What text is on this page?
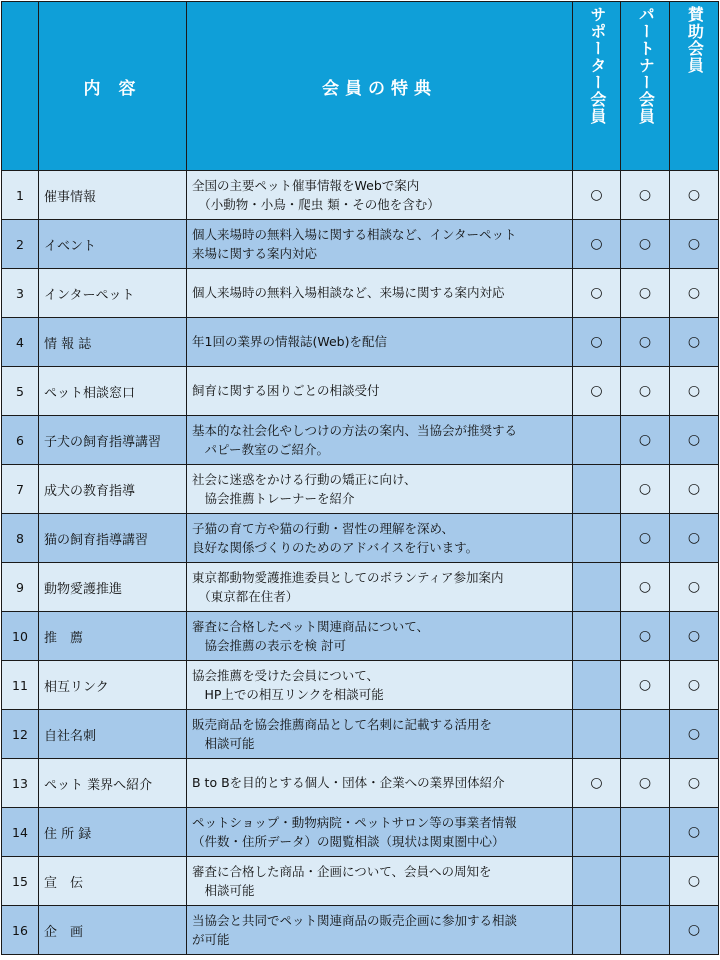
	内 容	会員の特典	サポーター会員	パートナー会員	賛助会員
1	催事情報	全国の主要ペット催事情報をWebで案内
　（小動物・小鳥・爬虫 類・その他を含む）	○	○	○
2	イベント	個人来場時の無料入場に関する相談など、インターペット
来場に関する案内対応	○	○	○
3	インターペット	個人来場時の無料入場相談など、来場に関する案内対応	○	○	○
4	情 報 誌	年1回の業界の情報誌(Web)を配信	○	○	○
5	ペット相談窓口	飼育に関する困りごとの相談受付	○	○	○
6	子犬の飼育指導講習	基本的な社会化やしつけの方法の案内、当協会が推奨する
　パピー教室のご紹介。		○	○
7	成犬の教育指導	社会に迷惑をかける行動の矯正に向け、
　協会推薦トレーナーを紹介		○	○
8	猫の飼育指導講習	子猫の育て方や猫の行動・習性の理解を深め、
良好な関係づくりのためのアドバイスを行います。		○	○
9	動物愛護推進	東京都動物愛護推進委員としてのボランティア参加案内
　（東京都在住者）		○	○
10	推　薦	審査に合格したペット関連商品について、
　協会推薦の表示を検 討可		○	○
11	相互リンク	協会推薦を受けた会員について、
　HP上での相互リンクを相談可能		○	○
12	自社名刺	販売商品を協会推薦商品として名刺に記載する活用を
　相談可能			○
13	ペット 業界へ紹介	B to Bを目的とする個人・団体・企業への業界団体紹介	○	○	○
14	住 所 録	ペットショップ・動物病院・ペットサロン等の事業者情報
（件数・住所データ）の閲覧相談（現状は関東圏中心）			○
15	宣　伝	審査に合格した商品・企画について、会員への周知を
　相談可能			○
16	企　画	当協会と共同でペット関連商品の販売企画に参加する相談
が可能			○
